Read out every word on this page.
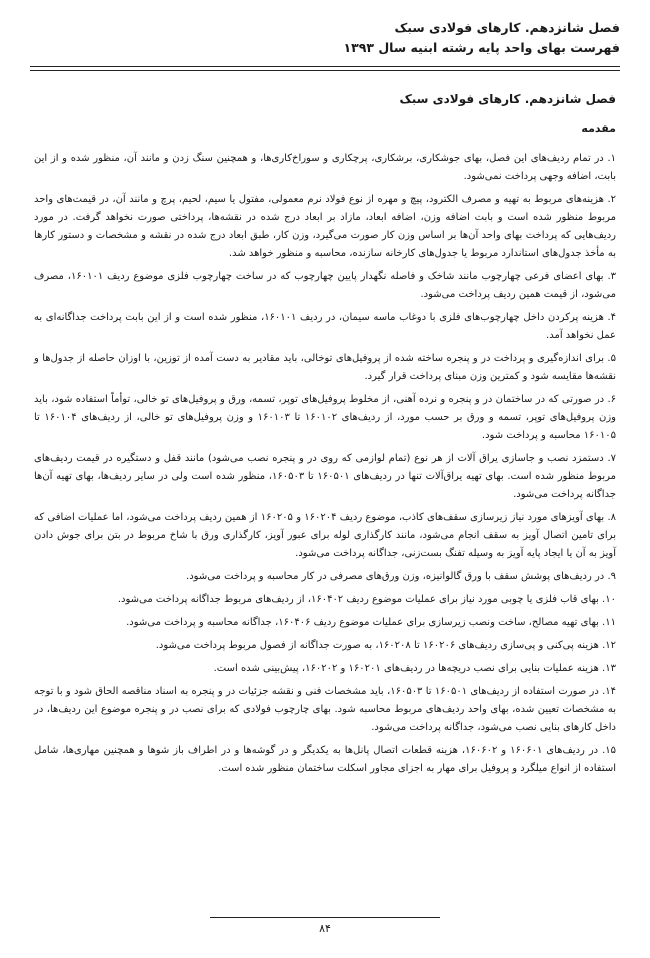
فصل شانزدهم. کارهای فولادی سبک
فهرست بهای واحد پایه رشته ابنیه سال ۱۳۹۳
فصل شانزدهم. کارهای فولادی سبک
مقدمه

۱. در تمام ردیف‌های این فصل، بهای جوشکاری، برشکاری، پرچکاری و سوراخ‌کاری‌ها، و همچنین سنگ زدن و مانند آن، منظور شده و از این بابت، اضافه وجهی پرداخت نمی‌شود.

۲. هزینه‌های مربوط به تهیه و مصرف الکترود، پیچ و مهره از نوع فولاد نرم معمولی، مفتول یا سیم، لحیم، پرچ و مانند آن، در قیمت‌های واحد مربوط منظور شده است و بابت اضافه وزن، اضافه ابعاد، مازاد بر ابعاد درج شده در نقشه‌ها، پرداختی صورت نخواهد گرفت. در مورد ردیف‌هایی که پرداخت بهای واحد آن‌ها بر اساس وزن کار صورت می‌گیرد، وزن کار، طبق ابعاد درج شده در نقشه و مشخصات و دستور کارها به مأخذ جدول‌های استاندارد مربوط یا جدول‌های کارخانه سازنده، محاسبه و منظور خواهد شد.

۳. بهای اعضای فرعی چهارچوب مانند شاخک و فاصله نگهدار پایین چهارچوب که در ساخت چهارچوب فلزی موضوع ردیف ۱۶۰۱۰۱، مصرف می‌شود، از قیمت همین ردیف پرداخت می‌شود.

۴. هزینه پرکردن داخل چهارچوب‌های فلزی با دوغاب ماسه سیمان، در ردیف ۱۶۰۱۰۱، منظور شده است و از این بابت پرداخت جداگانه‌ای به عمل نخواهد آمد.

۵. برای اندازه‌گیری و پرداخت در و پنجره ساخته شده از پروفیل‌های توخالی، باید مقادیر به دست آمده از توزین، با اوزان حاصله از جدول‌ها و نقشه‌ها مقایسه شود و کمترین وزن مبنای پرداخت قرار گیرد.

۶. در صورتی که در ساختمان در و پنجره و نرده آهنی، از مخلوط پروفیل‌های توپر، تسمه، ورق و پروفیل‌های تو خالی، توأماً استفاده شود، باید وزن پروفیل‌های توپر، تسمه و ورق بر حسب مورد، از ردیف‌های ۱۶۰۱۰۲ تا ۱۶۰۱۰۳ و وزن پروفیل‌های تو خالی، از ردیف‌های ۱۶۰۱۰۴ تا ۱۶۰۱۰۵ محاسبه و پرداخت شود.

۷. دستمزد نصب و جاسازی یراق آلات از هر نوع (تمام لوازمی که روی در و پنجره نصب می‌شود) مانند قفل و دستگیره در قیمت ردیف‌های مربوط منظور شده است. بهای تهیه یراق‌آلات تنها در ردیف‌های ۱۶۰۵۰۱ تا ۱۶۰۵۰۳، منظور شده است ولی در سایر ردیف‌ها، بهای تهیه آن‌ها جداگانه پرداخت می‌شود.

۸. بهای آویزهای مورد نیاز زیرسازی سقف‌های کاذب، موضوع ردیف ۱۶۰۲۰۴ و ۱۶۰۲۰۵ از همین ردیف پرداخت می‌شود، اما عملیات اضافی که برای تامین اتصال آویز به سقف انجام می‌شود، مانند کارگذاری لوله برای عبور آویز، کارگذاری ورق با شاخ مربوط در بتن برای جوش دادن آویز به آن یا ایجاد پایه آویز به وسیله تفنگ بست‌زنی، جداگانه پرداخت می‌شود.

۹. در ردیف‌های پوشش سقف با ورق گالوانیزه، وزن ورق‌های مصرفی در کار محاسبه و پرداخت می‌شود.

۱۰. بهای قاب فلزی یا چوبی مورد نیاز برای عملیات موضوع ردیف ۱۶۰۴۰۲، از ردیف‌های مربوط جداگانه پرداخت می‌شود.

۱۱. بهای تهیه مصالح، ساخت ونصب زیرسازی برای عملیات موضوع ردیف ۱۶۰۴۰۶، جداگانه محاسبه و پرداخت می‌شود.

۱۲. هزینه پی‌کنی و پی‌سازی ردیف‌های ۱۶۰۲۰۶ تا ۱۶۰۲۰۸، به صورت جداگانه از فصول مربوط پرداخت می‌شود.

۱۳. هزینه عملیات بنایی برای نصب دریچه‌ها در ردیف‌های ۱۶۰۲۰۱ و ۱۶۰۲۰۲، پیش‌بینی شده است.

۱۴. در صورت استفاده از ردیف‌های ۱۶۰۵۰۱ تا ۱۶۰۵۰۳، باید مشخصات فنی و نقشه جزئیات در و پنجره به اسناد مناقصه الحاق شود و با توجه به مشخصات تعیین شده، بهای واحد ردیف‌های مربوط محاسبه شود. بهای چارچوب فولادی که برای نصب در و پنجره موضوع این ردیف‌ها، در داخل کارهای بنایی نصب می‌شود، جداگانه پرداخت می‌شود.

۱۵. در ردیف‌های ۱۶۰۶۰۱ و ۱۶۰۶۰۲، هزینه قطعات اتصال پانل‌ها به یکدیگر و در گوشه‌ها و در اطراف باز شوها و همچنین مهاری‌ها، شامل استفاده از انواع میلگرد و پروفیل برای مهار به اجزای مجاور اسکلت ساختمان منظور شده است.

۸۴
